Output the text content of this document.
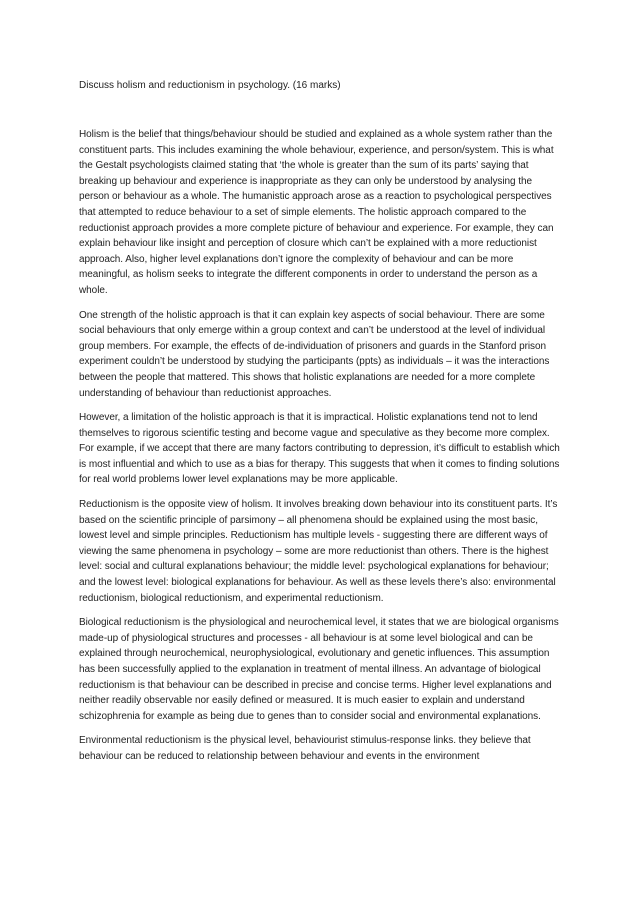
Discuss holism and reductionism in psychology. (16 marks)

Holism is the belief that things/behaviour should be studied and explained as a whole system rather than the constituent parts. This includes examining the whole behaviour, experience, and person/system. This is what the Gestalt psychologists claimed stating that ‘the whole is greater than the sum of its parts’ saying that breaking up behaviour and experience is inappropriate as they can only be understood by analysing the person or behaviour as a whole. The humanistic approach arose as a reaction to psychological perspectives that attempted to reduce behaviour to a set of simple elements. The holistic approach compared to the reductionist approach provides a more complete picture of behaviour and experience. For example, they can explain behaviour like insight and perception of closure which can’t be explained with a more reductionist approach. Also, higher level explanations don’t ignore the complexity of behaviour and can be more meaningful, as holism seeks to integrate the different components in order to understand the person as a whole.

One strength of the holistic approach is that it can explain key aspects of social behaviour. There are some social behaviours that only emerge within a group context and can’t be understood at the level of individual group members. For example, the effects of de-individuation of prisoners and guards in the Stanford prison experiment couldn’t be understood by studying the participants (ppts) as individuals – it was the interactions between the people that mattered. This shows that holistic explanations are needed for a more complete understanding of behaviour than reductionist approaches.

However, a limitation of the holistic approach is that it is impractical. Holistic explanations tend not to lend themselves to rigorous scientific testing and become vague and speculative as they become more complex. For example, if we accept that there are many factors contributing to depression, it’s difficult to establish which is most influential and which to use as a bias for therapy. This suggests that when it comes to finding solutions for real world problems lower level explanations may be more applicable.

Reductionism is the opposite view of holism. It involves breaking down behaviour into its constituent parts. It’s based on the scientific principle of parsimony – all phenomena should be explained using the most basic, lowest level and simple principles. Reductionism has multiple levels - suggesting there are different ways of viewing the same phenomena in psychology – some are more reductionist than others. There is the highest level: social and cultural explanations behaviour; the middle level: psychological explanations for behaviour; and the lowest level: biological explanations for behaviour. As well as these levels there’s also: environmental reductionism, biological reductionism, and experimental reductionism.

Biological reductionism is the physiological and neurochemical level, it states that we are biological organisms made-up of physiological structures and processes - all behaviour is at some level biological and can be explained through neurochemical, neurophysiological, evolutionary and genetic influences. This assumption has been successfully applied to the explanation in treatment of mental illness. An advantage of biological reductionism is that behaviour can be described in precise and concise terms. Higher level explanations and neither readily observable nor easily defined or measured. It is much easier to explain and understand schizophrenia for example as being due to genes than to consider social and environmental explanations.

Environmental reductionism is the physical level, behaviourist stimulus-response links. they believe that behaviour can be reduced to relationship between behaviour and events in the environment
